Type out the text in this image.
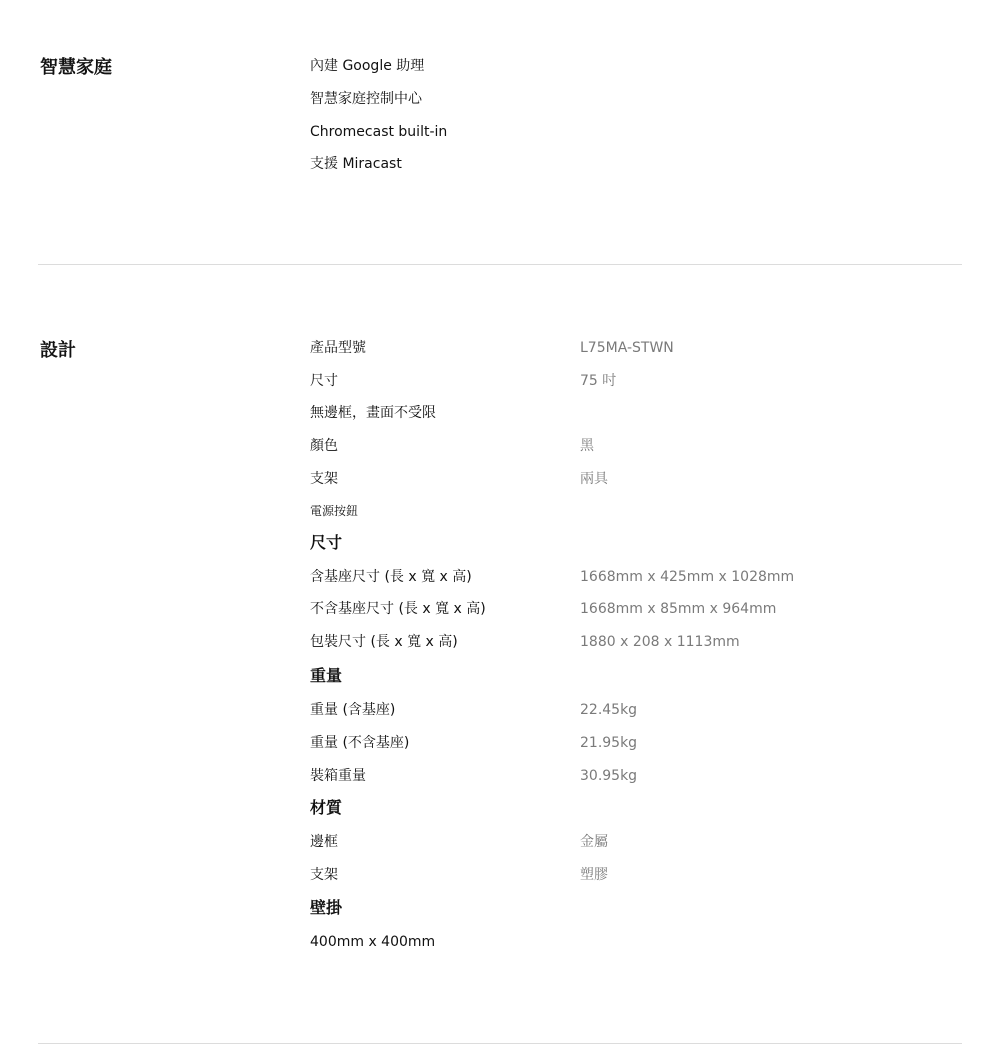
智慧家庭	內建 Google 助理
智慧家庭控制中心
Chromecast built-in
支援 Miracast
設計	產品型號	L75MA-STWN
尺寸	75 吋
無邊框，畫面不受限
顏色	黑
支架	兩具
電源按鈕
尺寸
含基座尺寸 (長 x 寬 x 高)	1668mm x 425mm x 1028mm
不含基座尺寸 (長 x 寬 x 高)	1668mm x 85mm x 964mm
包裝尺寸 (長 x 寬 x 高)	1880 x 208 x 1113mm
重量
重量 (含基座)	22.45kg
重量 (不含基座)	21.95kg
裝箱重量	30.95kg
材質
邊框	金屬
支架	塑膠
壁掛
400mm x 400mm
